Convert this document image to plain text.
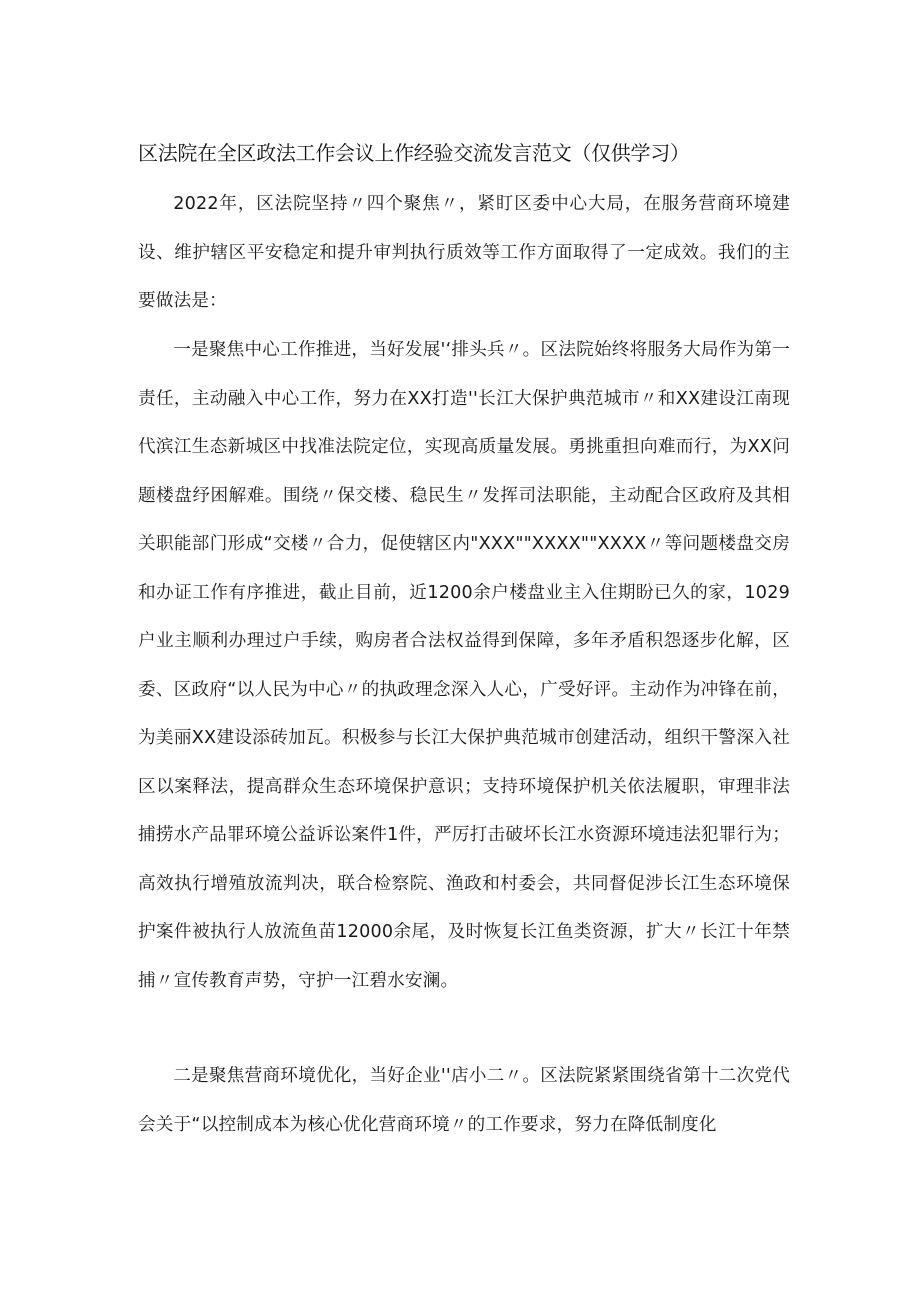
区法院在全区政法工作会议上作经验交流发言范文（仅供学习）

2022年，区法院坚持〃四个聚焦〃，紧盯区委中心大局，在服务营商环境建设、维护辖区平安稳定和提升审判执行质效等工作方面取得了一定成效。我们的主要做法是：

一是聚焦中心工作推进，当好发展'‘排头兵〃。区法院始终将服务大局作为第一责任，主动融入中心工作，努力在XX打造''长江大保护典范城市〃和XX建设江南现代滨江生态新城区中找准法院定位，实现高质量发展。勇挑重担向难而行，为XX问题楼盘纾困解难。围绕〃保交楼、稳民生〃发挥司法职能，主动配合区政府及其相关职能部门形成“交楼〃合力，促使辖区内"XXX""XXXX""XXXX〃等问题楼盘交房和办证工作有序推进，截止目前，近1200余户楼盘业主入住期盼已久的家，1029户业主顺利办理过户手续，购房者合法权益得到保障，多年矛盾积怨逐步化解，区委、区政府“以人民为中心〃的执政理念深入人心，广受好评。主动作为冲锋在前，为美丽XX建设添砖加瓦。积极参与长江大保护典范城市创建活动，组织干警深入社区以案释法，提高群众生态环境保护意识；支持环境保护机关依法履职，审理非法捕捞水产品罪环境公益诉讼案件1件，严厉打击破坏长江水资源环境违法犯罪行为；高效执行增殖放流判决，联合检察院、渔政和村委会，共同督促涉长江生态环境保护案件被执行人放流鱼苗12000余尾，及时恢复长江鱼类资源，扩大〃长江十年禁捕〃宣传教育声势，守护一江碧水安澜。

二是聚焦营商环境优化，当好企业''店小二〃。区法院紧紧围绕省第十二次党代会关于“以控制成本为核心优化营商环境〃的工作要求，努力在降低制度化
